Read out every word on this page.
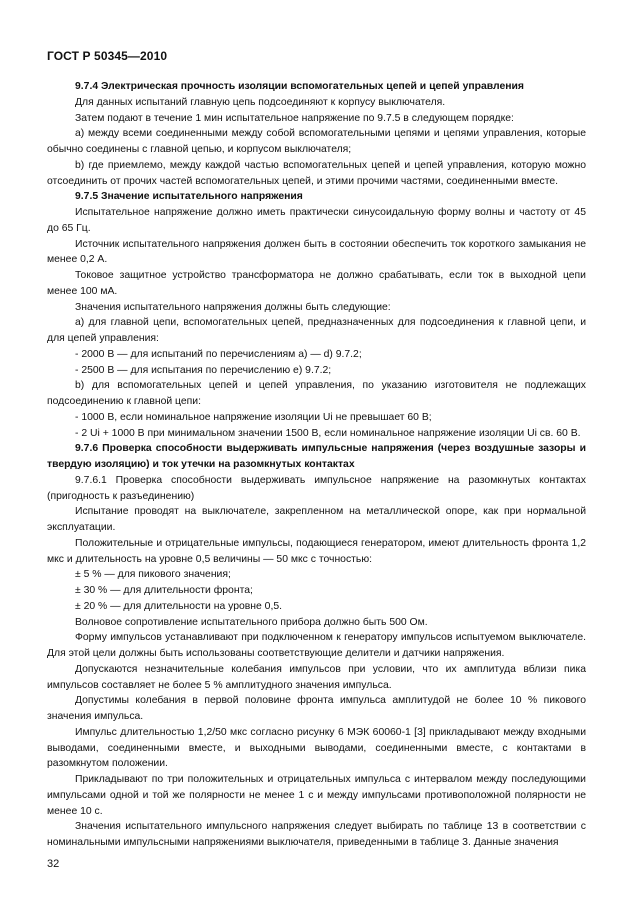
ГОСТ Р 50345—2010

9.7.4 Электрическая прочность изоляции вспомогательных цепей и цепей управления

Для данных испытаний главную цепь подсоединяют к корпусу выключателя.

Затем подают в течение 1 мин испытательное напряжение по 9.7.5 в следующем порядке:

а) между всеми соединенными между собой вспомогательными цепями и цепями управления, которые обычно соединены с главной цепью, и корпусом выключателя;

b) где приемлемо, между каждой частью вспомогательных цепей и цепей управления, которую можно отсоединить от прочих частей вспомогательных цепей, и этими прочими частями, соединенными вместе.

9.7.5 Значение испытательного напряжения

Испытательное напряжение должно иметь практически синусоидальную форму волны и частоту от 45 до 65 Гц.

Источник испытательного напряжения должен быть в состоянии обеспечить ток короткого замыкания не менее 0,2 А.

Токовое защитное устройство трансформатора не должно срабатывать, если ток в выходной цепи менее 100 мА.

Значения испытательного напряжения должны быть следующие:

а) для главной цепи, вспомогательных цепей, предназначенных для подсоединения к главной цепи, и для цепей управления:

- 2000 В — для испытаний по перечислениям a) — d) 9.7.2;

- 2500 В — для испытания по перечислению е) 9.7.2;

b) для вспомогательных цепей и цепей управления, по указанию изготовителя не подлежащих подсоединению к главной цепи:

- 1000 В, если номинальное напряжение изоляции Ui не превышает 60 В;

- 2 Ui + 1000 В при минимальном значении 1500 В, если номинальное напряжение изоляции Ui св. 60 В.

9.7.6 Проверка способности выдерживать импульсные напряжения (через воздушные зазоры и твердую изоляцию) и ток утечки на разомкнутых контактах

9.7.6.1 Проверка способности выдерживать импульсное напряжение на разомкнутых контактах (пригодность к разъединению)

Испытание проводят на выключателе, закрепленном на металлической опоре, как при нормальной эксплуатации.

Положительные и отрицательные импульсы, подающиеся генератором, имеют длительность фронта 1,2 мкс и длительность на уровне 0,5 величины — 50 мкс с точностью:

± 5 % — для пикового значения;

± 30 % — для длительности фронта;

± 20 % — для длительности на уровне 0,5.

Волновое сопротивление испытательного прибора должно быть 500 Ом.

Форму импульсов устанавливают при подключенном к генератору импульсов испытуемом выключателе. Для этой цели должны быть использованы соответствующие делители и датчики напряжения.

Допускаются незначительные колебания импульсов при условии, что их амплитуда вблизи пика импульсов составляет не более 5 % амплитудного значения импульса.

Допустимы колебания в первой половине фронта импульса амплитудой не более 10 % пикового значения импульса.

Импульс длительностью 1,2/50 мкс согласно рисунку 6 МЭК 60060-1 [3] прикладывают между входными выводами, соединенными вместе, и выходными выводами, соединенными вместе, с контактами в разомкнутом положении.

Прикладывают по три положительных и отрицательных импульса с интервалом между последующими импульсами одной и той же полярности не менее 1 с и между импульсами противоположной полярности не менее 10 с.

Значения испытательного импульсного напряжения следует выбирать по таблице 13 в соответствии с номинальными импульсными напряжениями выключателя, приведенными в таблице 3. Данные значения

32
